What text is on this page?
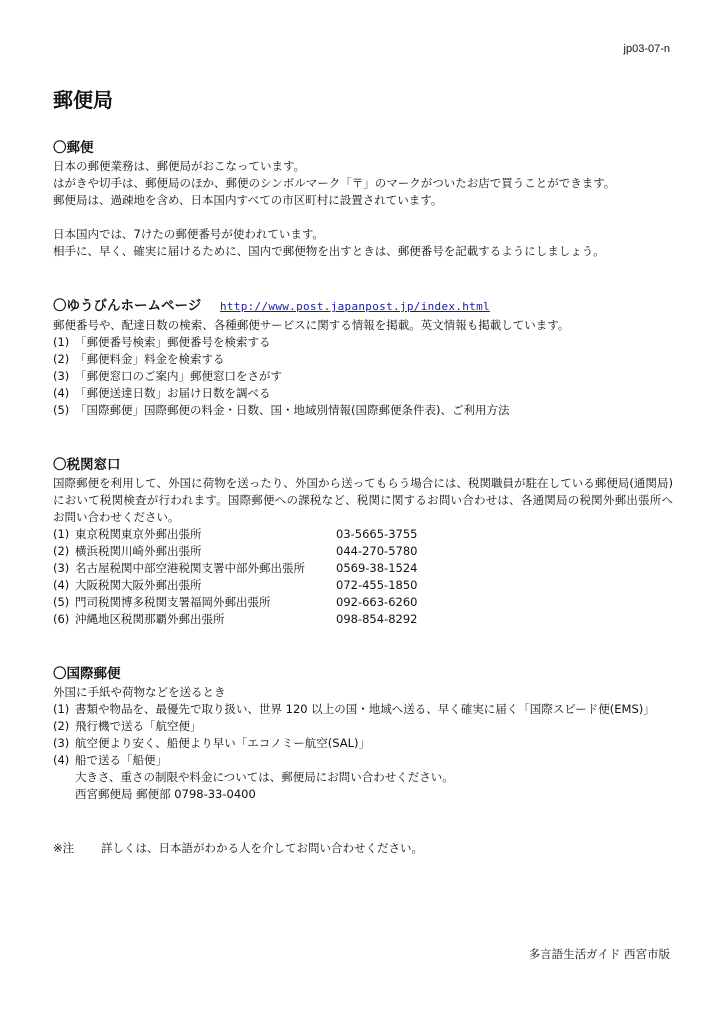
jp03-07-n
郵便局

〇郵便

日本の郵便業務は、郵便局がおこなっています。

はがきや切手は、郵便局のほか、郵便のシンボルマーク「〒」のマークがついたお店で買うことができます。

郵便局は、過疎地を含め、日本国内すべての市区町村に設置されています。

日本国内では、7けたの郵便番号が使われています。

相手に、早く、確実に届けるために、国内で郵便物を出すときは、郵便番号を記載するようにしましょう。

〇ゆうびんホームページ http://www.post.japanpost.jp/index.html

郵便番号や、配達日数の検索、各種郵便サービスに関する情報を掲載。英文情報も掲載しています。

(1) 「郵便番号検索」郵便番号を検索する
(2) 「郵便料金」料金を検索する
(3) 「郵便窓口のご案内」郵便窓口をさがす
(4) 「郵便送達日数」お届け日数を調べる
(5) 「国際郵便」国際郵便の料金・日数、国・地域別情報(国際郵便条件表)、ご利用方法

〇税関窓口

国際郵便を利用して、外国に荷物を送ったり、外国から送ってもらう場合には、税関職員が駐在している郵便局(通関局)において税関検査が行われます。国際郵便への課税など、税関に関するお問い合わせは、各通関局の税関外郵出張所へお問い合わせください。

(1) 東京税関東京外郵出張所	03-5665-3755
(2) 横浜税関川崎外郵出張所	044-270-5780
(3) 名古屋税関中部空港税関支署中部外郵出張所	0569-38-1524
(4) 大阪税関大阪外郵出張所	072-455-1850
(5) 門司税関博多税関支署福岡外郵出張所	092-663-6260
(6) 沖縄地区税関那覇外郵出張所	098-854-8292

〇国際郵便

外国に手紙や荷物などを送るとき

(1) 書類や物品を、最優先で取り扱い、世界 120 以上の国・地域へ送る、早く確実に届く「国際スピード便(EMS)」
(2) 飛行機で送る「航空便」
(3) 航空便より安く、船便より早い「エコノミー航空(SAL)」
(4) 船で送る「船便」

大きさ、重さの制限や料金については、郵便局にお問い合わせください。

西宮郵便局 郵便部 0798-33-0400

※注	詳しくは、日本語がわかる人を介してお問い合わせください。
多言語生活ガイド 西宮市版
